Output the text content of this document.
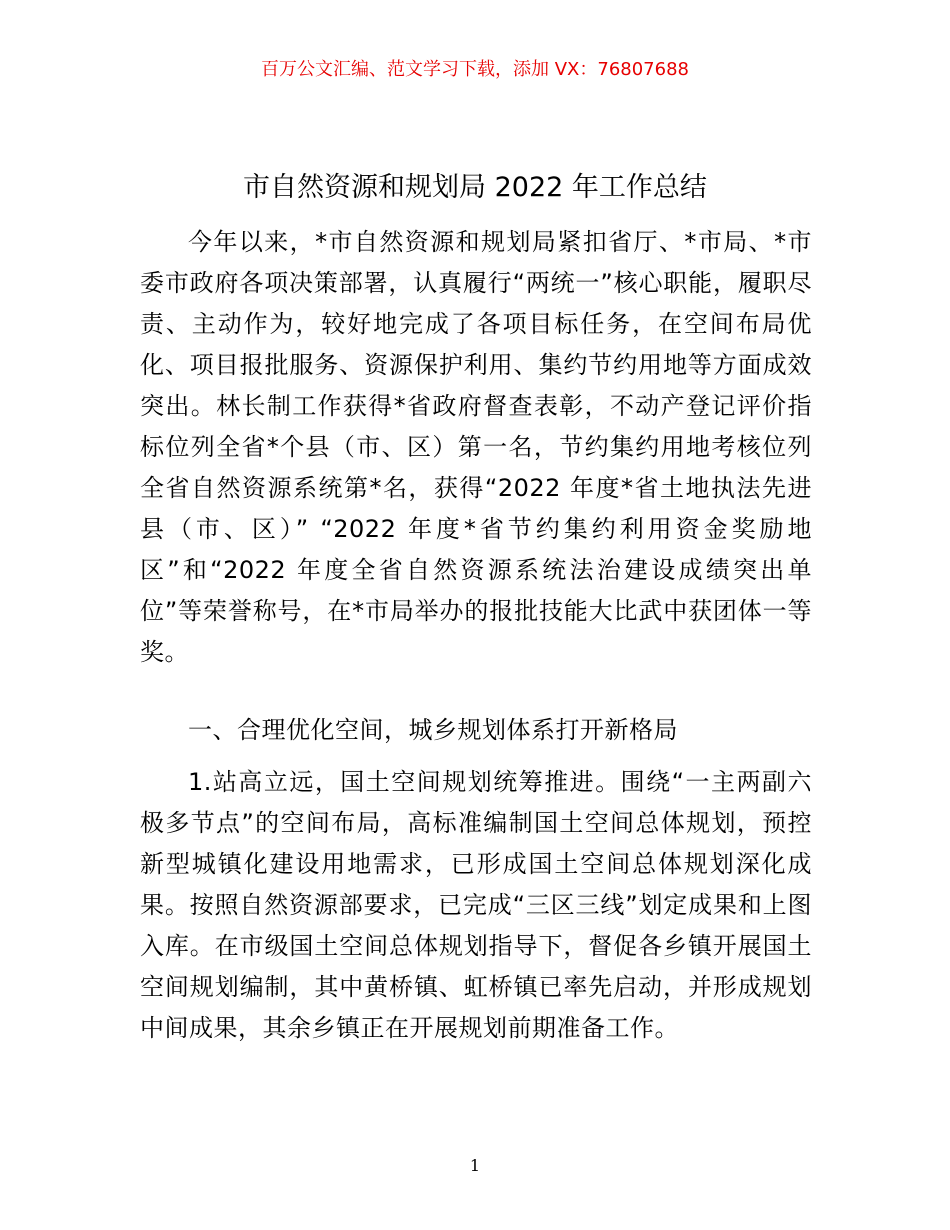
百万公文汇编、范文学习下载，添加 VX：76807688
市自然资源和规划局 2022 年工作总结

今年以来，*市自然资源和规划局紧扣省厅、*市局、*市委市政府各项决策部署，认真履行“两统一”核心职能，履职尽责、主动作为，较好地完成了各项目标任务，在空间布局优化、项目报批服务、资源保护利用、集约节约用地等方面成效突出。林长制工作获得*省政府督查表彰，不动产登记评价指标位列全省*个县（市、区）第一名，节约集约用地考核位列全省自然资源系统第*名，获得“2022 年度*省土地执法先进县（市、区）” “2022 年度*省节约集约利用资金奖励地区”和“2022 年度全省自然资源系统法治建设成绩突出单位”等荣誉称号，在*市局举办的报批技能大比武中获团体一等奖。

一、合理优化空间，城乡规划体系打开新格局

1.站高立远，国土空间规划统筹推进。围绕“一主两副六极多节点”的空间布局，高标准编制国土空间总体规划，预控新型城镇化建设用地需求，已形成国土空间总体规划深化成果。按照自然资源部要求，已完成“三区三线”划定成果和上图入库。在市级国土空间总体规划指导下，督促各乡镇开展国土空间规划编制，其中黄桥镇、虹桥镇已率先启动，并形成规划中间成果，其余乡镇正在开展规划前期准备工作。

1
